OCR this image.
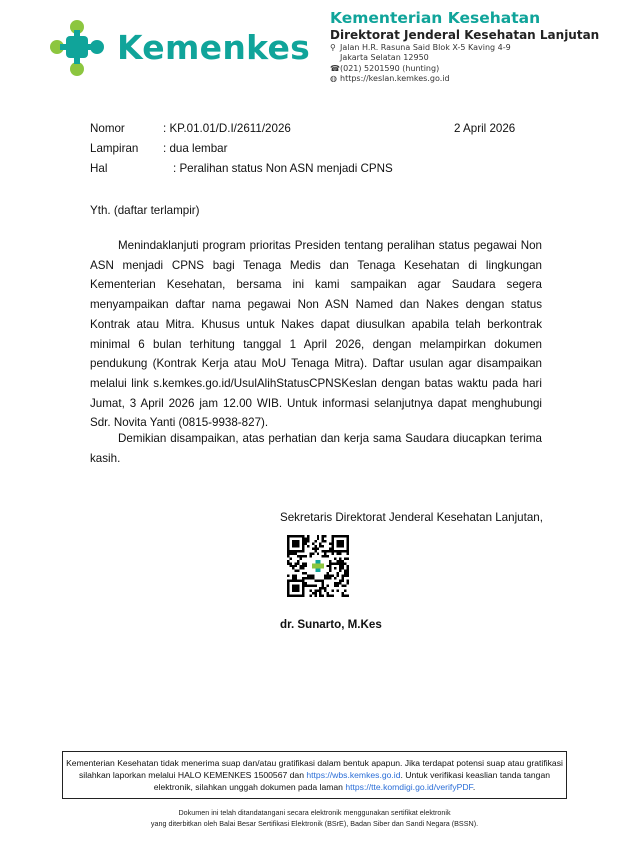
Kemenkes
Kementerian Kesehatan
Direktorat Jenderal Kesehatan Lanjutan
⚲ Jalan H.R. Rasuna Said Blok X-5 Kaving 4-9
Jakarta Selatan 12950
☎ (021) 5201590 (hunting)
◍ https://keslan.kemkes.go.id
Nomor	: KP.01.01/D.I/2611/2026	2 April 2026
Lampiran : dua lembar
Hal	: Peralihan status Non ASN menjadi CPNS
Yth. (daftar terlampir)

Menindaklanjuti program prioritas Presiden tentang peralihan status pegawai Non ASN menjadi CPNS bagi Tenaga Medis dan Tenaga Kesehatan di lingkungan Kementerian Kesehatan, bersama ini kami sampaikan agar Saudara segera menyampaikan daftar nama pegawai Non ASN Named dan Nakes dengan status Kontrak atau Mitra. Khusus untuk Nakes dapat diusulkan apabila telah berkontrak minimal 6 bulan terhitung tanggal 1 April 2026, dengan melampirkan dokumen pendukung (Kontrak Kerja atau MoU Tenaga Mitra). Daftar usulan agar disampaikan melalui link s.kemkes.go.id/UsulAlihStatusCPNSKeslan dengan batas waktu pada hari Jumat, 3 April 2026 jam 12.00 WIB. Untuk informasi selanjutnya dapat menghubungi Sdr. Novita Yanti (0815-9938-827).

Demikian disampaikan, atas perhatian dan kerja sama Saudara diucapkan terima kasih.

Sekretaris Direktorat Jenderal Kesehatan Lanjutan,
dr. Sunarto, M.Kes
Kementerian Kesehatan tidak menerima suap dan/atau gratifikasi dalam bentuk apapun. Jika terdapat potensi suap atau gratifikasi silahkan laporkan melalui HALO KEMENKES 1500567 dan https://wbs.kemkes.go.id. Untuk verifikasi keaslian tanda tangan elektronik, silahkan unggah dokumen pada laman https://tte.komdigi.go.id/verifyPDF.
Dokumen ini telah ditandatangani secara elektronik menggunakan sertifikat elektronik
yang diterbitkan oleh Balai Besar Sertifikasi Elektronik (BSrE), Badan Siber dan Sandi Negara (BSSN).
